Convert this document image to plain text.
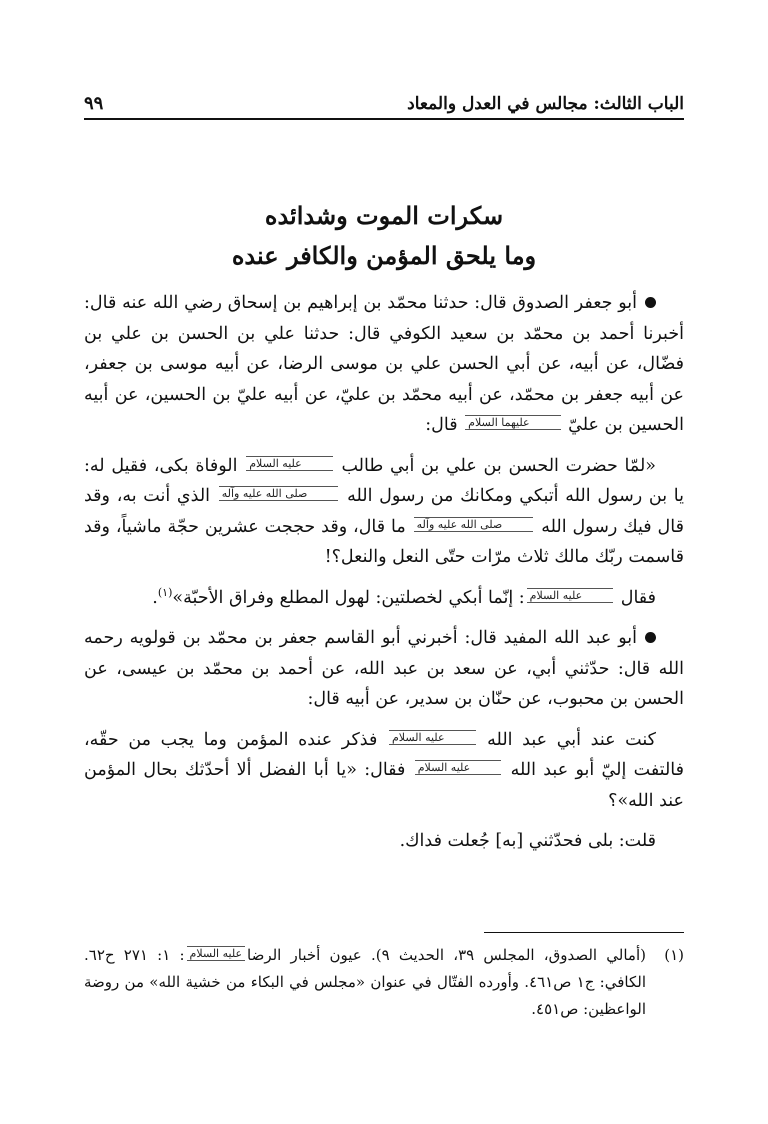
الباب الثالث: مجالس في العدل والمعاد
٩٩
سكرات الموت وشدائده
وما يلحق المؤمن والكافر عنده

أبو جعفر الصدوق قال: حدثنا محمّد بن إبراهيم بن إسحاق رضي الله عنه قال: أخبرنا أحمد بن محمّد بن سعيد الكوفي قال: حدثنا علي بن الحسن بن علي بن فضّال، عن أبيه، عن أبي الحسن علي بن موسى الرضا، عن أبيه موسى بن جعفر، عن أبيه جعفر بن محمّد، عن أبيه محمّد بن عليّ، عن أبيه عليّ بن الحسين، عن أبيه الحسين بن عليّ عليهما السلام قال:

«لمّا حضرت الحسن بن علي بن أبي طالب عليه السلام الوفاة بكى، فقيل له: يا بن رسول الله أتبكي ومكانك من رسول الله صلى الله عليه وآله الذي أنت به، وقد قال فيك رسول الله صلى الله عليه وآله ما قال، وقد حججت عشرين حجّة ماشياً، وقد قاسمت ربّك مالك ثلاث مرّات حتّى النعل والنعل؟!

فقال عليه السلام: إنّما أبكي لخصلتين: لهول المطلع وفراق الأحبّة»$^{(١)}$.

أبو عبد الله المفيد قال: أخبرني أبو القاسم جعفر بن محمّد بن قولويه رحمه الله قال: حدّثني أبي، عن سعد بن عبد الله، عن أحمد بن محمّد بن عيسى، عن الحسن بن محبوب، عن حنّان بن سدير، عن أبيه قال:

كنت عند أبي عبد الله عليه السلام فذكر عنده المؤمن وما يجب من حقّه، فالتفت إليّ أبو عبد الله عليه السلام فقال: «يا أبا الفضل ألا أحدّثك بحال المؤمن عند الله»؟

قلت: بلى فحدّثني [به] جُعلت فداك.

(١)
(أمالي الصدوق، المجلس ٣٩، الحديث ٩). عيون أخبار الرضاعليه السلام: ١: ٢٧١ ح٦٢. الكافي: ج١ ص٤٦١. وأورده الفتّال في عنوان «مجلس في البكاء من خشية الله» من روضة الواعظين: ص٤٥١.
